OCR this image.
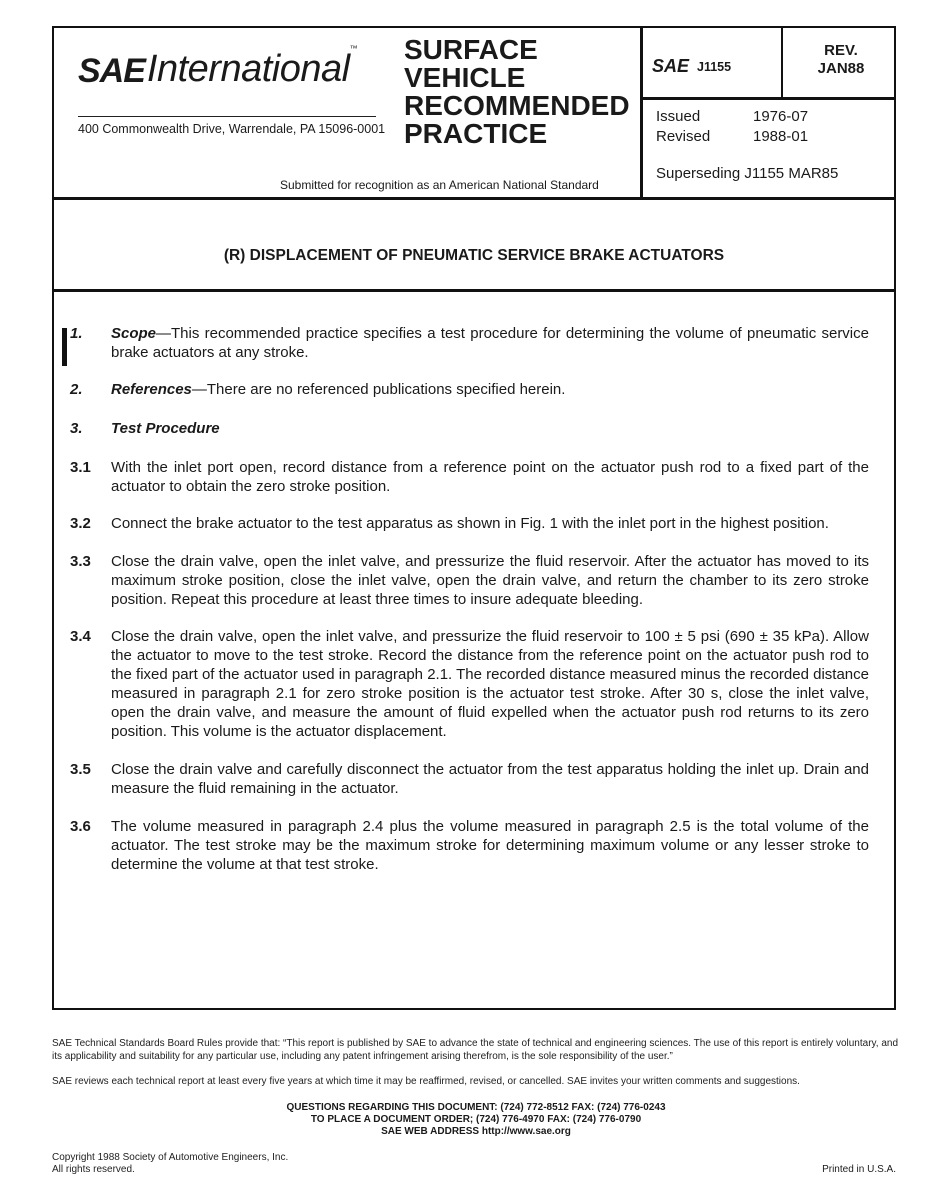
SAE International ™
400 Commonwealth Drive, Warrendale, PA 15096-0001
SURFACE
VEHICLE
RECOMMENDED
PRACTICE
Submitted for recognition as an American National Standard
SAE J1155
REV.
JAN88
Issued	1976-07
Revised	1988-01
Superseding J1155 MAR85
(R) DISPLACEMENT OF PNEUMATIC SERVICE BRAKE ACTUATORS
1. Scope—This recommended practice specifies a test procedure for determining the volume of pneumatic service brake actuators at any stroke.
2. References—There are no referenced publications specified herein.
3. Test Procedure
3.1 With the inlet port open, record distance from a reference point on the actuator push rod to a fixed part of the actuator to obtain the zero stroke position.
3.2 Connect the brake actuator to the test apparatus as shown in Fig. 1 with the inlet port in the highest position.
3.3 Close the drain valve, open the inlet valve, and pressurize the fluid reservoir. After the actuator has moved to its maximum stroke position, close the inlet valve, open the drain valve, and return the chamber to its zero stroke position. Repeat this procedure at least three times to insure adequate bleeding.
3.4 Close the drain valve, open the inlet valve, and pressurize the fluid reservoir to 100 ± 5 psi (690 ± 35 kPa). Allow the actuator to move to the test stroke. Record the distance from the reference point on the actuator push rod to the fixed part of the actuator used in paragraph 2.1. The recorded distance measured minus the recorded distance measured in paragraph 2.1 for zero stroke position is the actuator test stroke. After 30 s, close the inlet valve, open the drain valve, and measure the amount of fluid expelled when the actuator push rod returns to its zero position. This volume is the actuator displacement.
3.5 Close the drain valve and carefully disconnect the actuator from the test apparatus holding the inlet up. Drain and measure the fluid remaining in the actuator.
3.6 The volume measured in paragraph 2.4 plus the volume measured in paragraph 2.5 is the total volume of the actuator. The test stroke may be the maximum stroke for determining maximum volume or any lesser stroke to determine the volume at that test stroke.
SAE Technical Standards Board Rules provide that: “This report is published by SAE to advance the state of technical and engineering sciences. The use of this report is entirely voluntary, and its applicability and suitability for any particular use, including any patent infringement arising therefrom, is the sole responsibility of the user.”
SAE reviews each technical report at least every five years at which time it may be reaffirmed, revised, or cancelled. SAE invites your written comments and suggestions.
QUESTIONS REGARDING THIS DOCUMENT: (724) 772-8512 FAX: (724) 776-0243
TO PLACE A DOCUMENT ORDER; (724) 776-4970 FAX: (724) 776-0790
SAE WEB ADDRESS http://www.sae.org
Copyright 1988 Society of Automotive Engineers, Inc.
All rights reserved.	Printed in U.S.A.
